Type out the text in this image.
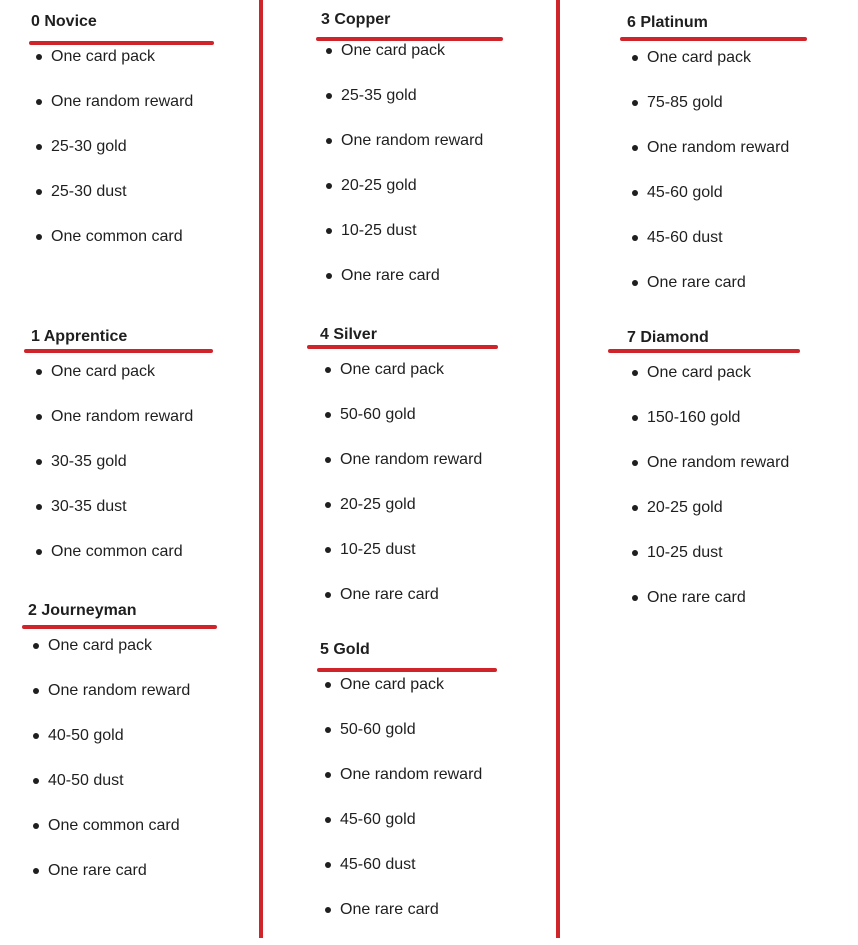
0 Novice
One card pack
One random reward
25-30 gold
25-30 dust
One common card
1 Apprentice
One card pack
One random reward
30-35 gold
30-35 dust
One common card
2 Journeyman
One card pack
One random reward
40-50 gold
40-50 dust
One common card
One rare card
3 Copper
One card pack
25-35 gold
One random reward
20-25 gold
10-25 dust
One rare card
4 Silver
One card pack
50-60 gold
One random reward
20-25 gold
10-25 dust
One rare card
5 Gold
One card pack
50-60 gold
One random reward
45-60 gold
45-60 dust
One rare card
6 Platinum
One card pack
75-85 gold
One random reward
45-60 gold
45-60 dust
One rare card
7 Diamond
One card pack
150-160 gold
One random reward
20-25 gold
10-25 dust
One rare card
